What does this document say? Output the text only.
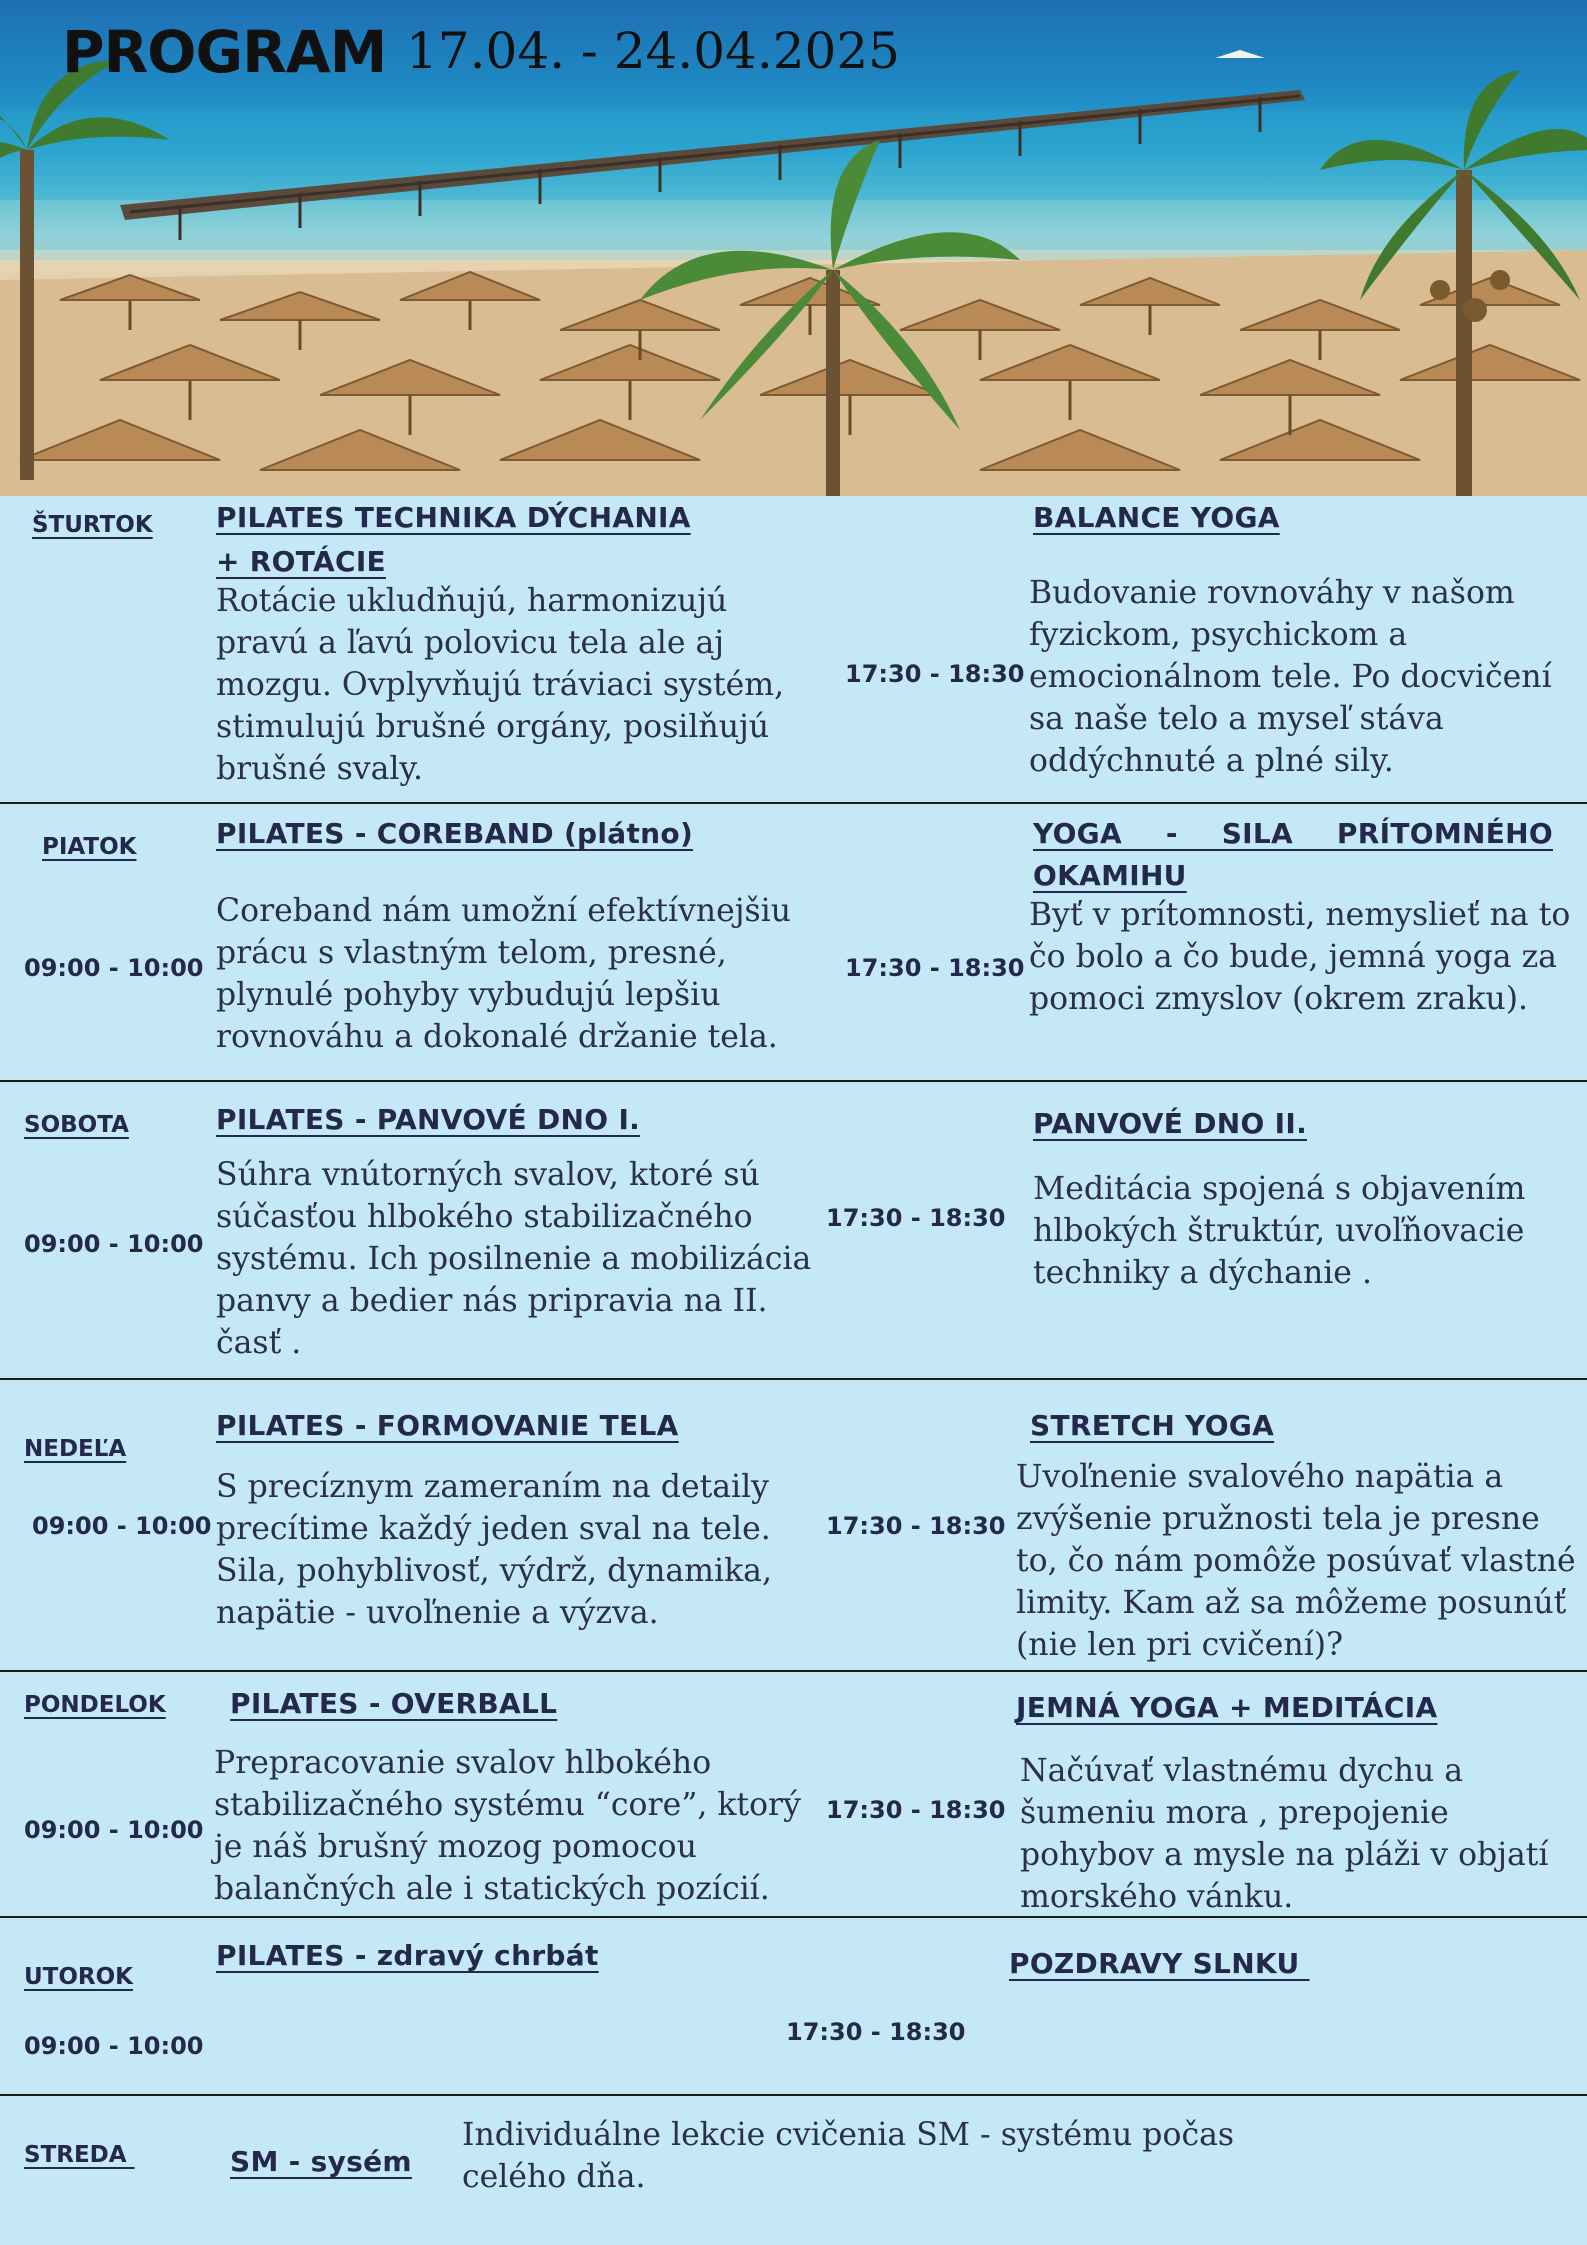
PROGRAM 17.04. - 24.04.2025
ŠTURTOK PILATES TECHNIKA DÝCHANIA
+ ROTÁCIE
Rotácie ukludňujú, harmonizujú pravú a ľavú polovicu tela ale aj mozgu. Ovplyvňujú tráviaci systém, stimulujú brušné orgány, posilňujú brušné svaly.
17:30 - 18:30
BALANCE YOGA
Budovanie rovnováhy v našom fyzickom, psychickom a emocionálnom tele. Po docvičení sa naše telo a myseľ stáva oddýchnuté a plné sily.
PIATOK
09:00 - 10:00
PILATES - COREBAND (plátno)
Coreband nám umožní efektívnejšiu prácu s vlastným telom, presné, plynulé pohyby vybudujú lepšiu rovnováhu a dokonalé držanie tela.
17:30 - 18:30
YOGA - SILA PRÍTOMNÉHO
OKAMIHU
Byť v prítomnosti, nemyslieť na to čo bolo a čo bude, jemná yoga za pomoci zmyslov (okrem zraku).
SOBOTA
09:00 - 10:00
PILATES - PANVOVÉ DNO I.
Súhra vnútorných svalov, ktoré sú súčasťou hlbokého stabilizačného systému. Ich posilnenie a mobilizácia panvy a bedier nás pripravia na II. časť .
17:30 - 18:30
PANVOVÉ DNO II.
Meditácia spojená s objavením hlbokých štruktúr, uvoľňovacie techniky a dýchanie .
NEDEĽA
09:00 - 10:00
PILATES - FORMOVANIE TELA
S precíznym zameraním na detaily precítime každý jeden sval na tele. Sila, pohyblivosť, výdrž, dynamika, napätie - uvoľnenie a výzva.
17:30 - 18:30
STRETCH YOGA
Uvoľnenie svalového napätia a zvýšenie pružnosti tela je presne to, čo nám pomôže posúvať vlastné limity. Kam až sa môžeme posunúť (nie len pri cvičení)?
PONDELOK
09:00 - 10:00
PILATES - OVERBALL
Prepracovanie svalov hlbokého stabilizačného systému “core”, ktorý je náš brušný mozog pomocou balančných ale i statických pozícií.
17:30 - 18:30
JEMNÁ YOGA + MEDITÁCIA
Načúvať vlastnému dychu a šumeniu mora , prepojenie pohybov a mysle na pláži v objatí morského vánku.
UTOROK
09:00 - 10:00
PILATES - zdravý chrbát
17:30 - 18:30
POZDRAVY SLNKU
STREDA	SM - sysém
Individuálne lekcie cvičenia SM - systému počas celého dňa.
